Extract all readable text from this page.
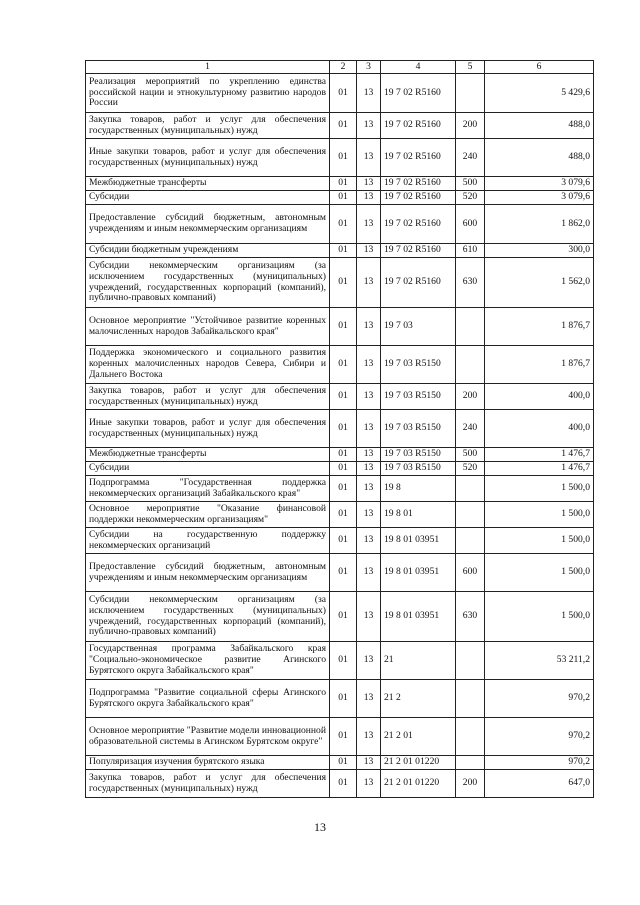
1	2	3	4	5	6
Реализация мероприятий по укреплению единства российской нации и этнокультурному развитию народов России	01	13	19 7 02 R5160		5 429,6
Закупка товаров, работ и услуг для обеспечения государственных (муниципальных) нужд	01	13	19 7 02 R5160	200	488,0
Иные закупки товаров, работ и услуг для обеспечения государственных (муниципальных) нужд	01	13	19 7 02 R5160	240	488,0
Межбюджетные трансферты	01	13	19 7 02 R5160	500	3 079,6
Субсидии	01	13	19 7 02 R5160	520	3 079,6
Предоставление субсидий бюджетным, автономным учреждениям и иным некоммерческим организациям	01	13	19 7 02 R5160	600	1 862,0
Субсидии бюджетным учреждениям	01	13	19 7 02 R5160	610	300,0
Субсидии некоммерческим организациям (за исключением государственных (муниципальных) учреждений, государственных корпораций (компаний), публично-правовых компаний)	01	13	19 7 02 R5160	630	1 562,0
Основное мероприятие "Устойчивое развитие коренных малочисленных народов Забайкальского края"	01	13	19 7 03		1 876,7
Поддержка экономического и социального развития коренных малочисленных народов Севера, Сибири и Дальнего Востока	01	13	19 7 03 R5150		1 876,7
Закупка товаров, работ и услуг для обеспечения государственных (муниципальных) нужд	01	13	19 7 03 R5150	200	400,0
Иные закупки товаров, работ и услуг для обеспечения государственных (муниципальных) нужд	01	13	19 7 03 R5150	240	400,0
Межбюджетные трансферты	01	13	19 7 03 R5150	500	1 476,7
Субсидии	01	13	19 7 03 R5150	520	1 476,7
Подпрограмма "Государственная поддержка некоммерческих организаций Забайкальского края"	01	13	19 8		1 500,0
Основное мероприятие "Оказание финансовой поддержки некоммерческим организациям"	01	13	19 8 01		1 500,0
Субсидии на государственную поддержку некоммерческих организаций	01	13	19 8 01 03951		1 500,0
Предоставление субсидий бюджетным, автономным учреждениям и иным некоммерческим организациям	01	13	19 8 01 03951	600	1 500,0
Субсидии некоммерческим организациям (за исключением государственных (муниципальных) учреждений, государственных корпораций (компаний), публично-правовых компаний)	01	13	19 8 01 03951	630	1 500,0
Государственная программа Забайкальского края "Социально-экономическое развитие Агинского Бурятского округа Забайкальского края"	01	13	21		53 211,2
Подпрограмма "Развитие социальной сферы Агинского Бурятского округа Забайкальского края"	01	13	21 2		970,2
Основное мероприятие "Развитие модели инновационной образовательной системы в Агинском Бурятском округе"	01	13	21 2 01		970,2
Популяризация изучения бурятского языка	01	13	21 2 01 01220		970,2
Закупка товаров, работ и услуг для обеспечения государственных (муниципальных) нужд	01	13	21 2 01 01220	200	647,0
13
